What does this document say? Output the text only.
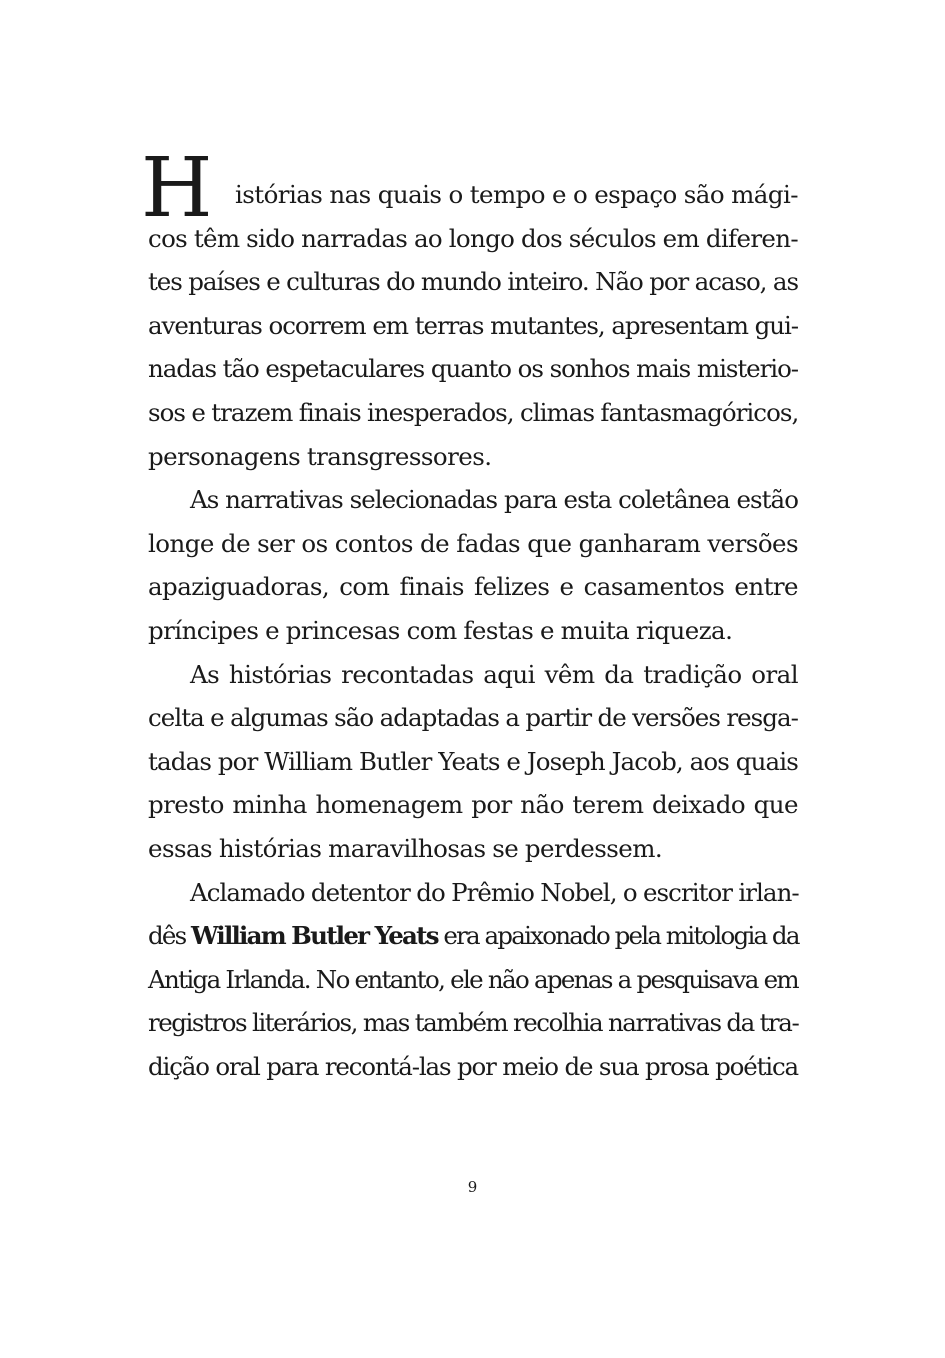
H istórias nas quais o tempo e o espaço são mági-
cos têm sido narradas ao longo dos séculos em diferen-
tes países e culturas do mundo inteiro. Não por acaso, as
aventuras ocorrem em terras mutantes, apresentam gui-
nadas tão espetaculares quanto os sonhos mais misterio-
sos e trazem finais inesperados, climas fantasmagóricos,
personagens transgressores.
As narrativas selecionadas para esta coletânea estão
longe de ser os contos de fadas que ganharam versões
apaziguadoras, com finais felizes e casamentos entre
príncipes e princesas com festas e muita riqueza.
As histórias recontadas aqui vêm da tradição oral
celta e algumas são adaptadas a partir de versões resga-
tadas por William Butler Yeats e Joseph Jacob, aos quais
presto minha homenagem por não terem deixado que
essas histórias maravilhosas se perdessem.
Aclamado detentor do Prêmio Nobel, o escritor irlan-
dês William Butler Yeats era apaixonado pela mitologia da
Antiga Irlanda. No entanto, ele não apenas a pesquisava em
registros literários, mas também recolhia narrativas da tra-
dição oral para recontá-las por meio de sua prosa poética
9
